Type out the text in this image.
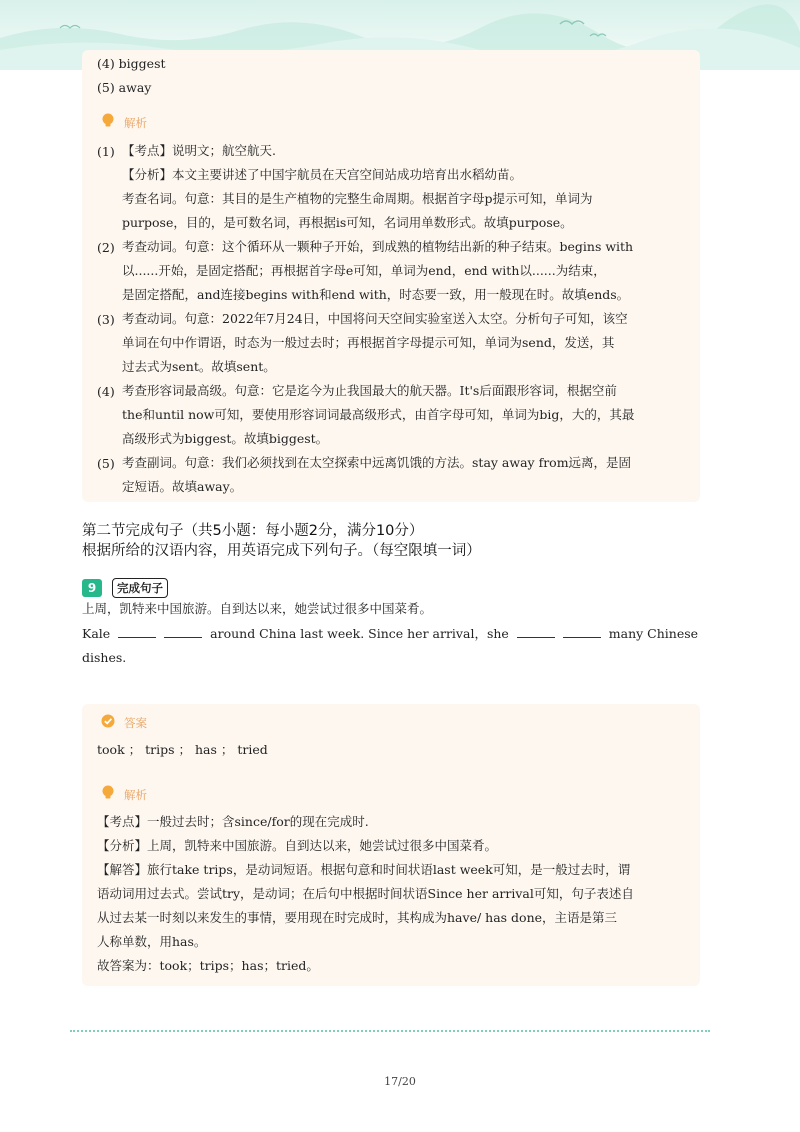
(4) biggest
(5) away
解析
(1) 【考点】说明文；航空航天.
【分析】本文主要讲述了中国宇航员在天宫空间站成功培育出水稻幼苗。
考查名词。句意：其目的是生产植物的完整生命周期。根据首字母p提示可知，单词为
purpose，目的，是可数名词，再根据is可知，名词用单数形式。故填purpose。
(2) 考查动词。句意：这个循环从一颗种子开始，到成熟的植物结出新的种子结束。begins with
以......开始，是固定搭配；再根据首字母e可知，单词为end，end with以......为结束，
是固定搭配，and连接begins with和end with，时态要一致，用一般现在时。故填ends。
(3) 考查动词。句意：2022年7月24日，中国将问天空间实验室送入太空。分析句子可知，该空
单词在句中作谓语，时态为一般过去时；再根据首字母提示可知，单词为send，发送，其
过去式为sent。故填sent。
(4) 考查形容词最高级。句意：它是迄今为止我国最大的航天器。It's后面跟形容词，根据空前
the和until now可知，要使用形容词词最高级形式，由首字母可知，单词为big，大的，其最
高级形式为biggest。故填biggest。
(5) 考查副词。句意：我们必须找到在太空探索中远离饥饿的方法。stay away from远离，是固
定短语。故填away。
第二节完成句子（共5小题：每小题2分，满分10分）
根据所给的汉语内容，用英语完成下列句子。（每空限填一词）
9	完成句子
上周，凯特来中国旅游。自到达以来，她尝试过很多中国菜肴。
Kale	around China last week. Since her arrival，she	many Chinese
dishes.
答案
took ； trips ； has ； tried
解析
【考点】一般过去时；含since/for的现在完成时.
【分析】上周，凯特来中国旅游。自到达以来，她尝试过很多中国菜肴。
【解答】旅行take trips，是动词短语。根据句意和时间状语last week可知，是一般过去时，谓
语动词用过去式。尝试try，是动词；在后句中根据时间状语Since her arrival可知，句子表述自
从过去某一时刻以来发生的事情，要用现在时完成时，其构成为have/ has done，主语是第三
人称单数，用has。
故答案为：took；trips；has；tried。
17/20
